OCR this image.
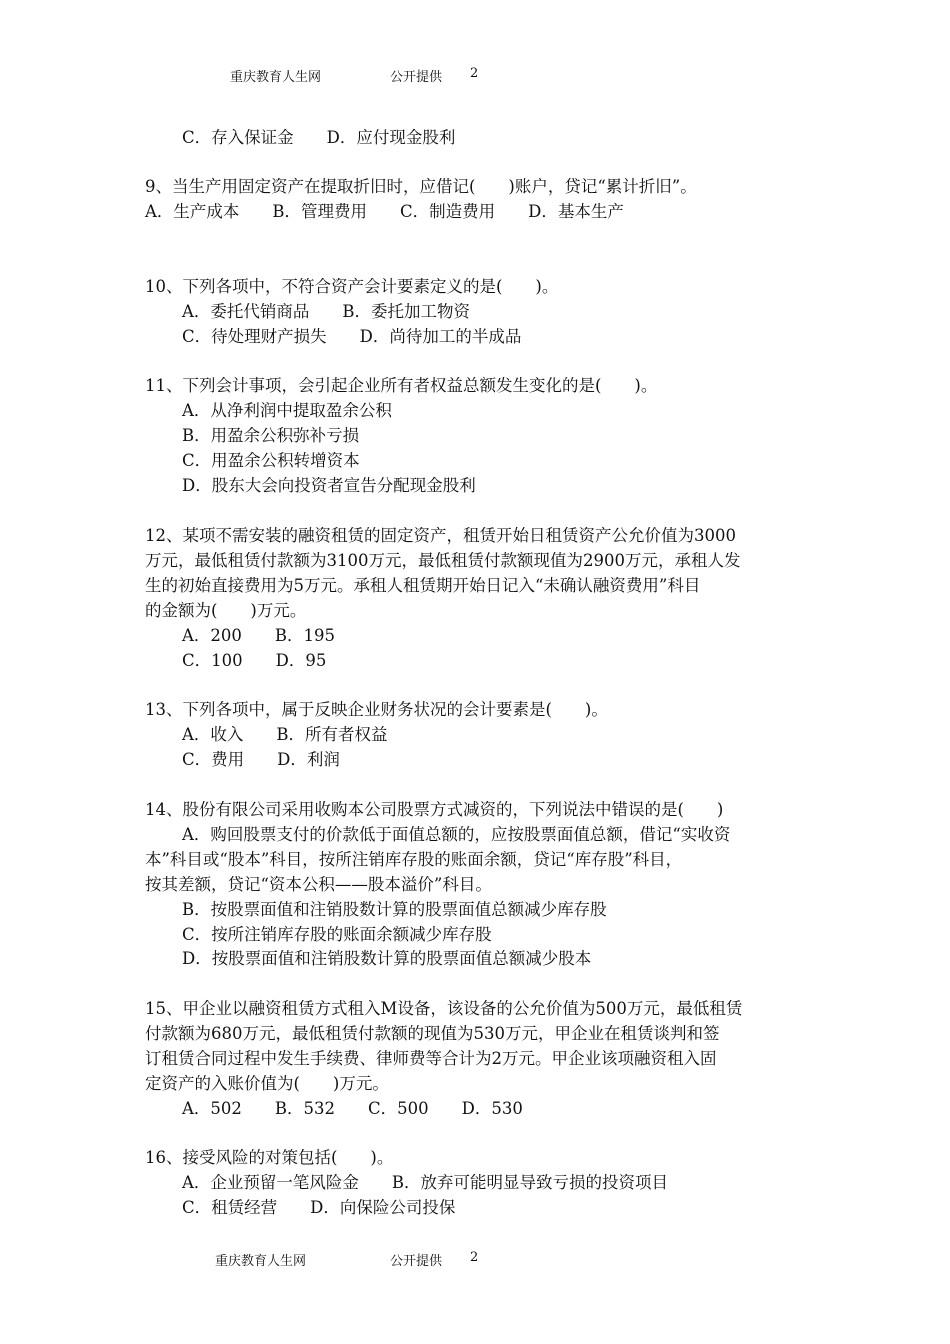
重庆教育人生网	公开提供 2
C．存入保证金　　D．应付现金股利
9、当生产用固定资产在提取折旧时，应借记(　　)账户，贷记“累计折旧”。
A．生产成本　　B．管理费用　　C．制造费用　　D．基本生产
10、下列各项中，不符合资产会计要素定义的是(　　)。
A．委托代销商品　　B．委托加工物资
C．待处理财产损失　　D．尚待加工的半成品
11、下列会计事项，会引起企业所有者权益总额发生变化的是(　　)。
A．从净利润中提取盈余公积
B．用盈余公积弥补亏损
C．用盈余公积转增资本
D．股东大会向投资者宣告分配现金股利
12、某项不需安装的融资租赁的固定资产，租赁开始日租赁资产公允价值为3000
万元，最低租赁付款额为3100万元，最低租赁付款额现值为2900万元，承租人发
生的初始直接费用为5万元。承租人租赁期开始日记入“未确认融资费用”科目
的金额为(　　)万元。
A．200　　B．195
C．100　　D．95
13、下列各项中，属于反映企业财务状况的会计要素是(　　)。
A．收入　　B．所有者权益
C．费用　　D．利润
14、股份有限公司采用收购本公司股票方式减资的，下列说法中错误的是(　　)
A．购回股票支付的价款低于面值总额的，应按股票面值总额，借记“实收资
本”科目或“股本”科目，按所注销库存股的账面余额，贷记“库存股”科目，
按其差额，贷记“资本公积——股本溢价”科目。
B．按股票面值和注销股数计算的股票面值总额减少库存股
C．按所注销库存股的账面余额减少库存股
D．按股票面值和注销股数计算的股票面值总额减少股本
15、甲企业以融资租赁方式租入M设备，该设备的公允价值为500万元，最低租赁
付款额为680万元，最低租赁付款额的现值为530万元，甲企业在租赁谈判和签
订租赁合同过程中发生手续费、律师费等合计为2万元。甲企业该项融资租入固
定资产的入账价值为(　　)万元。
A．502　　B．532　　C．500　　D．530
16、接受风险的对策包括(　　)。
A．企业预留一笔风险金　　B．放弃可能明显导致亏损的投资项目
C．租赁经营　　D．向保险公司投保
重庆教育人生网	公开提供 2
